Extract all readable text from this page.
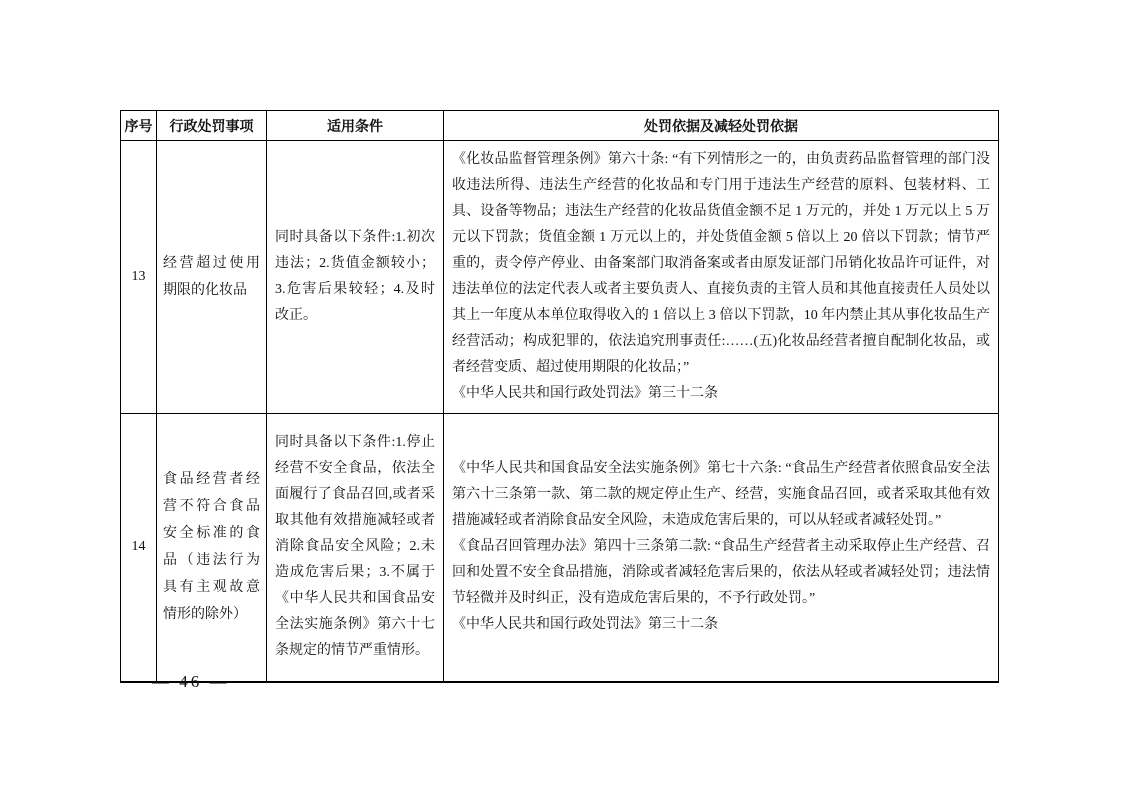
序号	行政处罚事项	适用条件	处罚依据及减轻处罚依据
13	经营超过使用期限的化妆品	同时具备以下条件:1.初次违法；2.货值金额较小；3.危害后果较轻；4.及时改正。	《化妆品监督管理条例》第六十条: “有下列情形之一的，由负责药品监督管理的部门没收违法所得、违法生产经营的化妆品和专门用于违法生产经营的原料、包装材料、工具、设备等物品；违法生产经营的化妆品货值金额不足 1 万元的，并处 1 万元以上 5 万元以下罚款；货值金额 1 万元以上的，并处货值金额 5 倍以上 20 倍以下罚款；情节严重的，责令停产停业、由备案部门取消备案或者由原发证部门吊销化妆品许可证件，对违法单位的法定代表人或者主要负责人、直接负责的主管人员和其他直接责任人员处以其上一年度从本单位取得收入的 1 倍以上 3 倍以下罚款，10 年内禁止其从事化妆品生产经营活动；构成犯罪的，依法追究刑事责任:……(五)化妆品经营者擅自配制化妆品，或者经营变质、超过使用期限的化妆品；”

《中华人民共和国行政处罚法》第三十二条

14	食品经营者经营不符合食品安全标准的食品（违法行为具有主观故意情形的除外）	同时具备以下条件:1.停止经营不安全食品，依法全面履行了食品召回,或者采取其他有效措施减轻或者消除食品安全风险；2.未造成危害后果；3.不属于《中华人民共和国食品安全法实施条例》第六十七条规定的情节严重情形。	《中华人民共和国食品安全法实施条例》第七十六条: “食品生产经营者依照食品安全法第六十三条第一款、第二款的规定停止生产、经营，实施食品召回，或者采取其他有效措施减轻或者消除食品安全风险，未造成危害后果的，可以从轻或者减轻处罚。”

《食品召回管理办法》第四十三条第二款: “食品生产经营者主动采取停止生产经营、召回和处置不安全食品措施，消除或者减轻危害后果的，依法从轻或者减轻处罚；违法情节轻微并及时纠正，没有造成危害后果的，不予行政处罚。”

《中华人民共和国行政处罚法》第三十二条

— 46 —
